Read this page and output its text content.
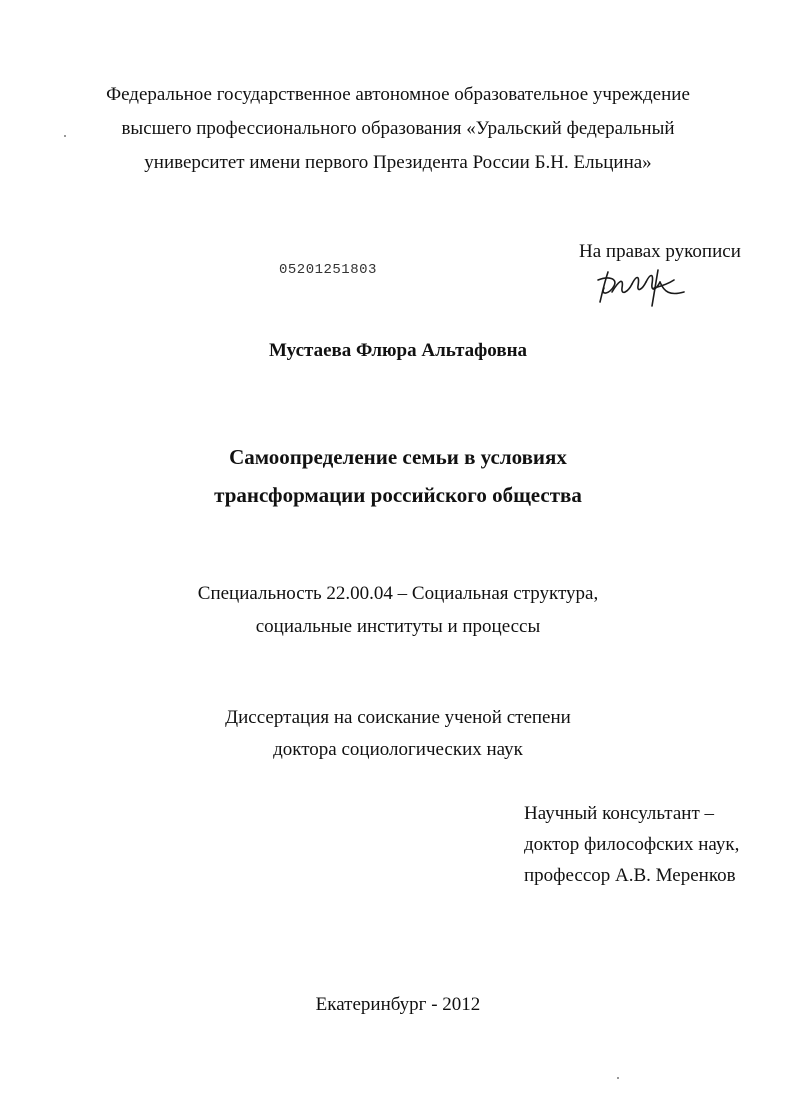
Федеральное государственное автономное образовательное учреждение
высшего профессионального образования «Уральский федеральный
университет имени первого Президента России Б.Н. Ельцина»
На правах рукописи
05201251803
Мустаева Флюра Альтафовна
Самоопределение семьи в условиях
трансформации российского общества
Специальность 22.00.04 – Социальная структура,
социальные институты и процессы
Диссертация на соискание ученой степени
доктора социологических наук
Научный консультант –
доктор философских наук,
профессор А.В. Меренков
Екатеринбург - 2012
